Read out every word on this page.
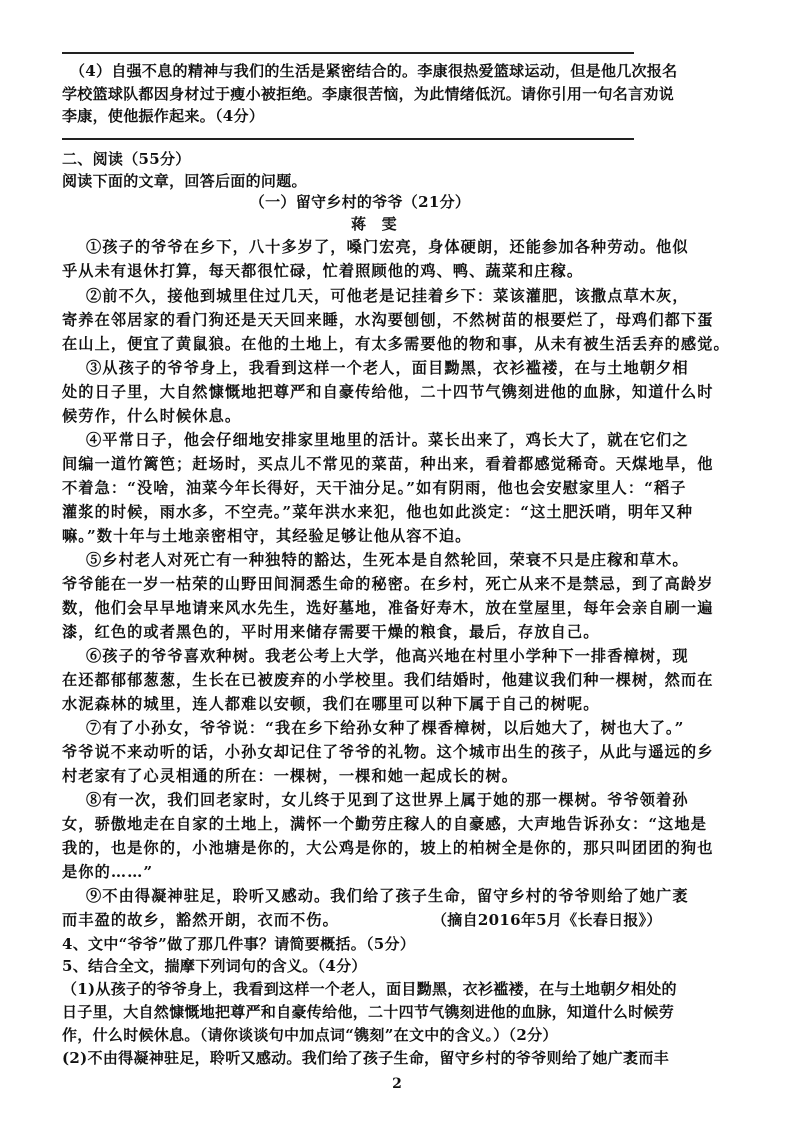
（4）自强不息的精神与我们的生活是紧密结合的。李康很热爱篮球运动，但是他几次报名
学校篮球队都因身材过于瘦小被拒绝。李康很苦恼，为此情绪低沉。请你引用一句名言劝说
李康，使他振作起来。（4分）
二、阅读（55分）
阅读下面的文章，回答后面的问题。
（一）留守乡村的爷爷（21分）
蒋　雯
①孩子的爷爷在乡下，八十多岁了，嗓门宏亮，身体硬朗，还能参加各种劳动。他似
乎从未有退休打算，每天都很忙碌，忙着照顾他的鸡、鸭、蔬菜和庄稼。
②前不久，接他到城里住过几天，可他老是记挂着乡下：菜该灌肥，该撒点草木灰，
寄养在邻居家的看门狗还是天天回来睡，水沟要刨刨，不然树苗的根要烂了，母鸡们都下蛋
在山上，便宜了黄鼠狼。在他的土地上，有太多需要他的物和事，从未有被生活丢弃的感觉。
③从孩子的爷爷身上，我看到这样一个老人，面目黝黑，衣衫褴褛，在与土地朝夕相
处的日子里，大自然慷慨地把尊严和自豪传给他，二十四节气镌刻进他的血脉，知道什么时
候劳作，什么时候休息。
④平常日子，他会仔细地安排家里地里的活计。菜长出来了，鸡长大了，就在它们之
间编一道竹篱笆；赶场时，买点儿不常见的菜苗，种出来，看着都感觉稀奇。天煤地旱，他
不着急：“没啥，油菜今年长得好，天干油分足。”如有阴雨，他也会安慰家里人：“稻子
灌浆的时候，雨水多，不空壳。”菜年洪水来犯，他也如此淡定：“这土肥沃哨，明年又种
嘛。”数十年与土地亲密相守，其经验足够让他从容不迫。
⑤乡村老人对死亡有一种独特的豁达，生死本是自然轮回，荣衰不只是庄稼和草木。
爷爷能在一岁一枯荣的山野田间洞悉生命的秘密。在乡村，死亡从来不是禁忌，到了高龄岁
数，他们会早早地请来风水先生，选好墓地，准备好寿木，放在堂屋里，每年会亲自刷一遍
漆，红色的或者黑色的，平时用来储存需要干燥的粮食，最后，存放自己。
⑥孩子的爷爷喜欢种树。我老公考上大学，他高兴地在村里小学种下一排香樟树，现
在还都郁郁葱葱，生长在已被废弃的小学校里。我们结婚时，他建议我们种一棵树，然而在
水泥森林的城里，连人都难以安顿，我们在哪里可以种下属于自己的树呢。
⑦有了小孙女，爷爷说：“我在乡下给孙女种了棵香樟树，以后她大了，树也大了。”
爷爷说不来动听的话，小孙女却记住了爷爷的礼物。这个城市出生的孩子，从此与遥远的乡
村老家有了心灵相通的所在：一棵树，一棵和她一起成长的树。
⑧有一次，我们回老家时，女儿终于见到了这世界上属于她的那一棵树。爷爷领着孙
女，骄傲地走在自家的土地上，满怀一个勤劳庄稼人的自豪感，大声地告诉孙女：“这地是
我的，也是你的，小池塘是你的，大公鸡是你的，坡上的柏树全是你的，那只叫团团的狗也
是你的……”
⑨不由得凝神驻足，聆听又感动。我们给了孩子生命，留守乡村的爷爷则给了她广袤
而丰盈的故乡，豁然开朗，衣而不伤。	（摘自2016年5月《长春日报》）
4、文中“爷爷”做了那几件事？请简要概括。（5分）
5、结合全文，揣摩下列词句的含义。（4分）
（1)从孩子的爷爷身上，我看到这样一个老人，面目黝黑，衣衫褴褛，在与土地朝夕相处的
日子里，大自然慷慨地把尊严和自豪传给他，二十四节气镌刻进他的血脉，知道什么时候劳
作，什么时候休息。（请你谈谈句中加点词“镌刻”在文中的含义。）（2分）
(2)不由得凝神驻足，聆听又感动。我们给了孩子生命，留守乡村的爷爷则给了她广袤而丰
2
